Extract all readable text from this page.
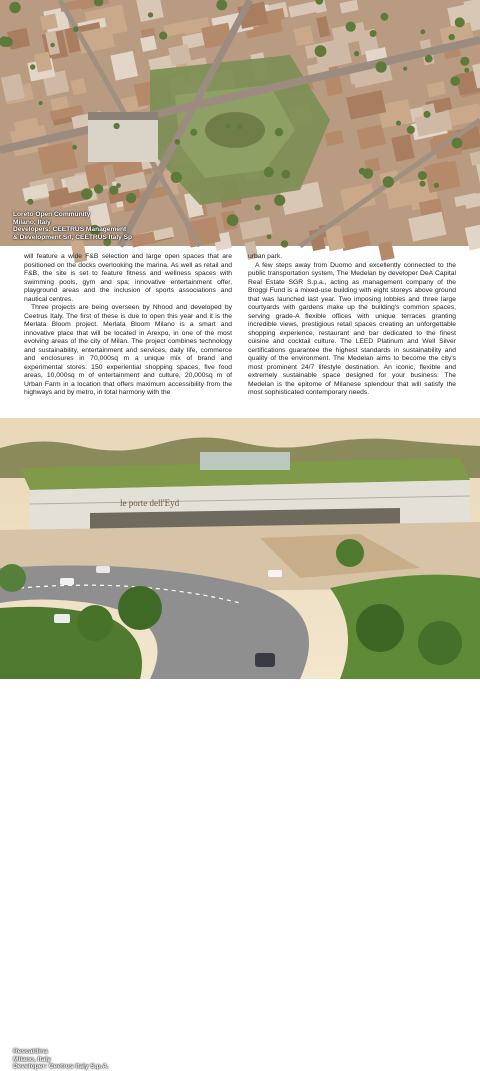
Loreto Open Community
Milano, Italy
Developers: CEETRUS Management
& Development Srl, CEETRUS Italy Sp

will feature a wide F&B selection and large open spaces that are positioned on the docks overlooking the marina. As well as retail and F&B, the site is set to feature fitness and wellness spaces with swimming pools, gym and spa; innovative entertainment offer, playground areas and the inclusion of sports associations and nautical centres.

Three projects are being overseen by Nhood and developed by Ceetrus Italy. The first of these is due to open this year and it is the Merlata Bloom project. Merlata Bloom Milano is a smart and innovative place that will be located in Arexpo, in one of the most evolving areas of the city of Milan. The project combines technology and sustainability, entertainment and services, daily life, commerce and enclosures in 70,000sq m a unique mix of brand and experimental stores: 150 experiential shopping spaces, five food areas, 10,000sq m of entertainment and culture, 20,000sq m of Urban Farm in a location that offers maximum accessibility from the highways and by metro, in total harmony with the

urban park.

A few steps away from Duomo and excellently connected to the public transportation system, The Medelan by developer DeA Capital Real Estate SGR S.p.a., acting as management company of the Broggi Fund is a mixed-use building with eight storeys above ground that was launched last year. Two imposing lobbies and three large courtyards with gardens make up the building's common spaces, serving grade-A flexible offices with unique terraces granting incredible views, prestigious retail spaces creating an unforgettable shopping experience, restaurant and bar dedicated to the finest cuisine and cocktail culture. The LEED Platinum and Well Silver certifications guarantee the highest standards in sustainability and quality of the environment. The Medelan aims to become the city's most prominent 24/7 lifestyle destination. An iconic, flexible and extremely sustainable space designed for your business: The Medelan is the epitome of Milanese splendour that will satisfy the most sophisticated contemporary needs.

le porte dell'Eyd
Rescaldina
Milano, Italy
Developer: Ceetrus Italy S.p.A.
